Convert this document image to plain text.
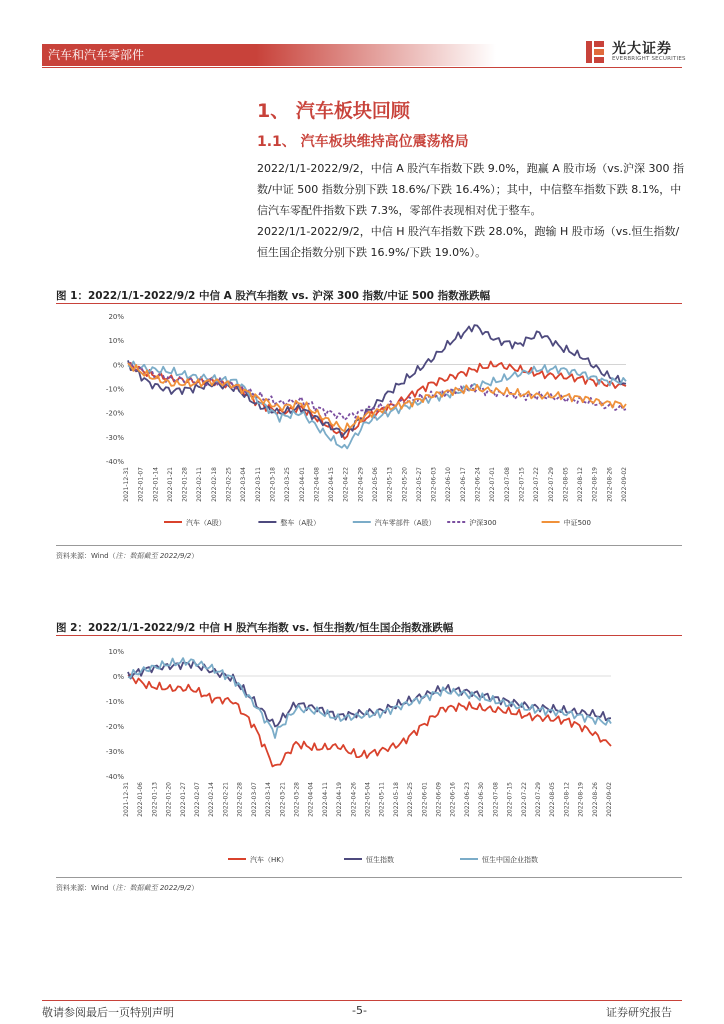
汽车和汽车零部件	光大证券
EVERBRIGHT SECURITIES
1、 汽车板块回顾
1.1、 汽车板块维持高位震荡格局
2022/1/1-2022/9/2，中信 A 股汽车指数下跌 9.0%，跑赢 A 股市场（vs.沪深 300 指数/中证 500 指数分别下跌 18.6%/下跌 16.4%）；其中，中信整车指数下跌 8.1%，中信汽车零配件指数下跌 7.3%，零部件表现相对优于整车。
2022/1/1-2022/9/2，中信 H 股汽车指数下跌 28.0%，跑输 H 股市场（vs.恒生指数/恒生国企指数分别下跌 16.9%/下跌 19.0%）。
图 1：2022/1/1-2022/9/2 中信 A 股汽车指数 vs. 沪深 300 指数/中证 500 指数涨跌幅
20%
10%
0%
-10%
-20%
-30%
-40%
2021-12-31 2022-01-07 2022-01-14 2022-01-21 2022-01-28 2022-02-11 2022-02-18 2022-02-25 2022-03-04 2022-03-11 2022-03-18 2022-03-25 2022-04-01 2022-04-08 2022-04-15 2022-04-22 2022-04-29 2022-05-06 2022-05-13 2022-05-20 2022-05-27 2022-06-03 2022-06-10 2022-06-17 2022-06-24 2022-07-01 2022-07-08 2022-07-15 2022-07-22 2022-07-29 2022-08-05 2022-08-12 2022-08-19 2022-08-26 2022-09-02
汽车（A股）	整车（A股）	汽车零部件（A股）	沪深300	中证500
资料来源：Wind（注：数据截至 2022/9/2）
图 2：2022/1/1-2022/9/2 中信 H 股汽车指数 vs. 恒生指数/恒生国企指数涨跌幅
10%
0%
-10%
-20%
-30%
-40%
2021-12-31 2022-01-06 2022-01-13 2022-01-20 2022-01-27 2022-02-07 2022-02-14 2022-02-21 2022-02-28 2022-03-07 2022-03-14 2022-03-21 2022-03-28 2022-04-04 2022-04-11 2022-04-19 2022-04-26 2022-05-04 2022-05-11 2022-05-18 2022-05-25 2022-06-01 2022-06-09 2022-06-16 2022-06-23 2022-06-30 2022-07-08 2022-07-15 2022-07-22 2022-07-29 2022-08-05 2022-08-12 2022-08-19 2022-08-26 2022-09-02
汽车（HK）	恒生指数	恒生中国企业指数
资料来源：Wind（注：数据截至 2022/9/2）
敬请参阅最后一页特别声明	-5-	证券研究报告
